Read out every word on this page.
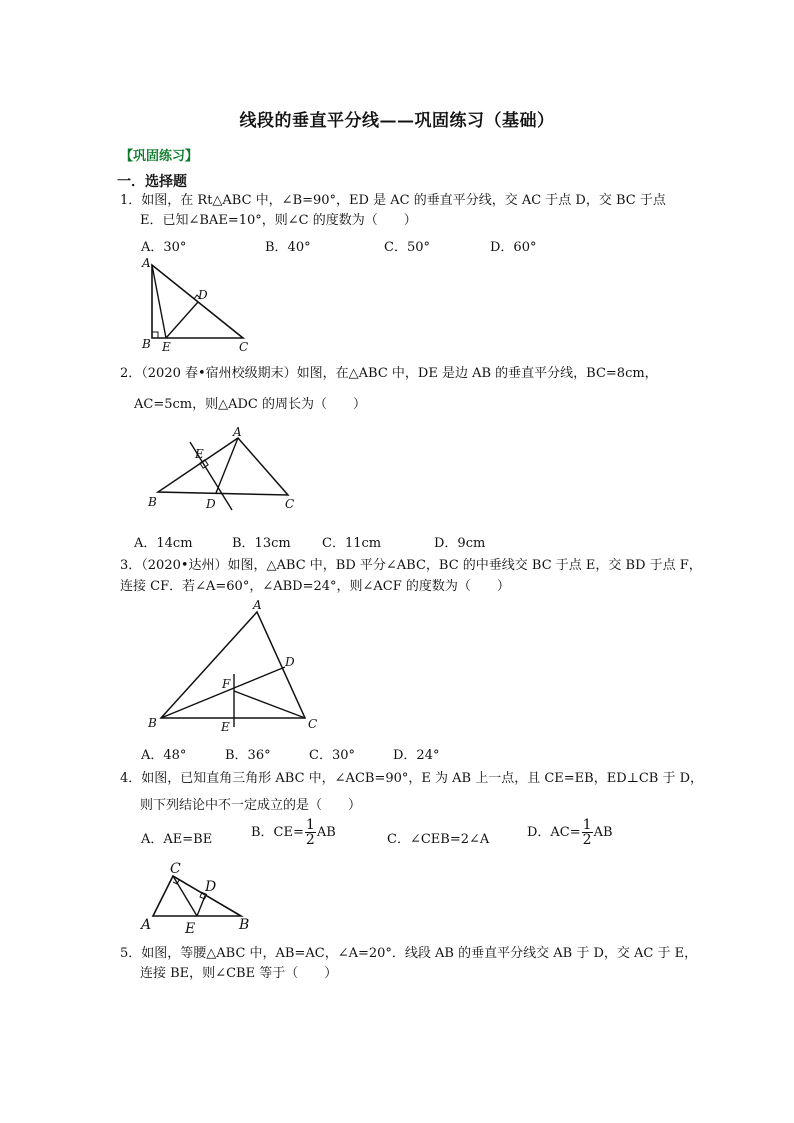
线段的垂直平分线——巩固练习（基础）
【巩固练习】
一．选择题
1．如图，在 Rt△ABC 中，∠B=90°，ED 是 AC 的垂直平分线，交 AC 于点 D，交 BC 于点
E．已知∠BAE=10°，则∠C 的度数为（　　）
A．30°	B．40°	C．50°	D．60°
A
D
B E	C
2．（2020 春•宿州校级期末）如图，在△ABC 中，DE 是边 AB 的垂直平分线，BC=8cm，
AC=5cm，则△ADC 的周长为（　　）
A
E
B	D	C
A．14cm	B．13cm C．11cm	D．9cm
3．（2020•达州）如图，△ABC 中，BD 平分∠ABC，BC 的中垂线交 BC 于点 E，交 BD 于点 F，
连接 CF．若∠A=60°，∠ABD=24°，则∠ACF 的度数为（　　）
A
D
F
B	E	C
A．48°	B．36°	C．30°	D．24°
4．如图，已知直角三角形 ABC 中，∠ACB=90°，E 为 AB 上一点，且 CE=EB，ED⊥CB 于 D，
则下列结论中不一定成立的是（　　）
A．AE=BE	B．$CE= \frac{1}{2}$ AB	C．∠CEB=2∠A	D．$AC= \frac{1}{2}$ AB
C
D
A E	B
5．如图，等腰△ABC 中，AB=AC，∠A=20°．线段 AB 的垂直平分线交 AB 于 D，交 AC 于 E，
连接 BE，则∠CBE 等于（　　）
